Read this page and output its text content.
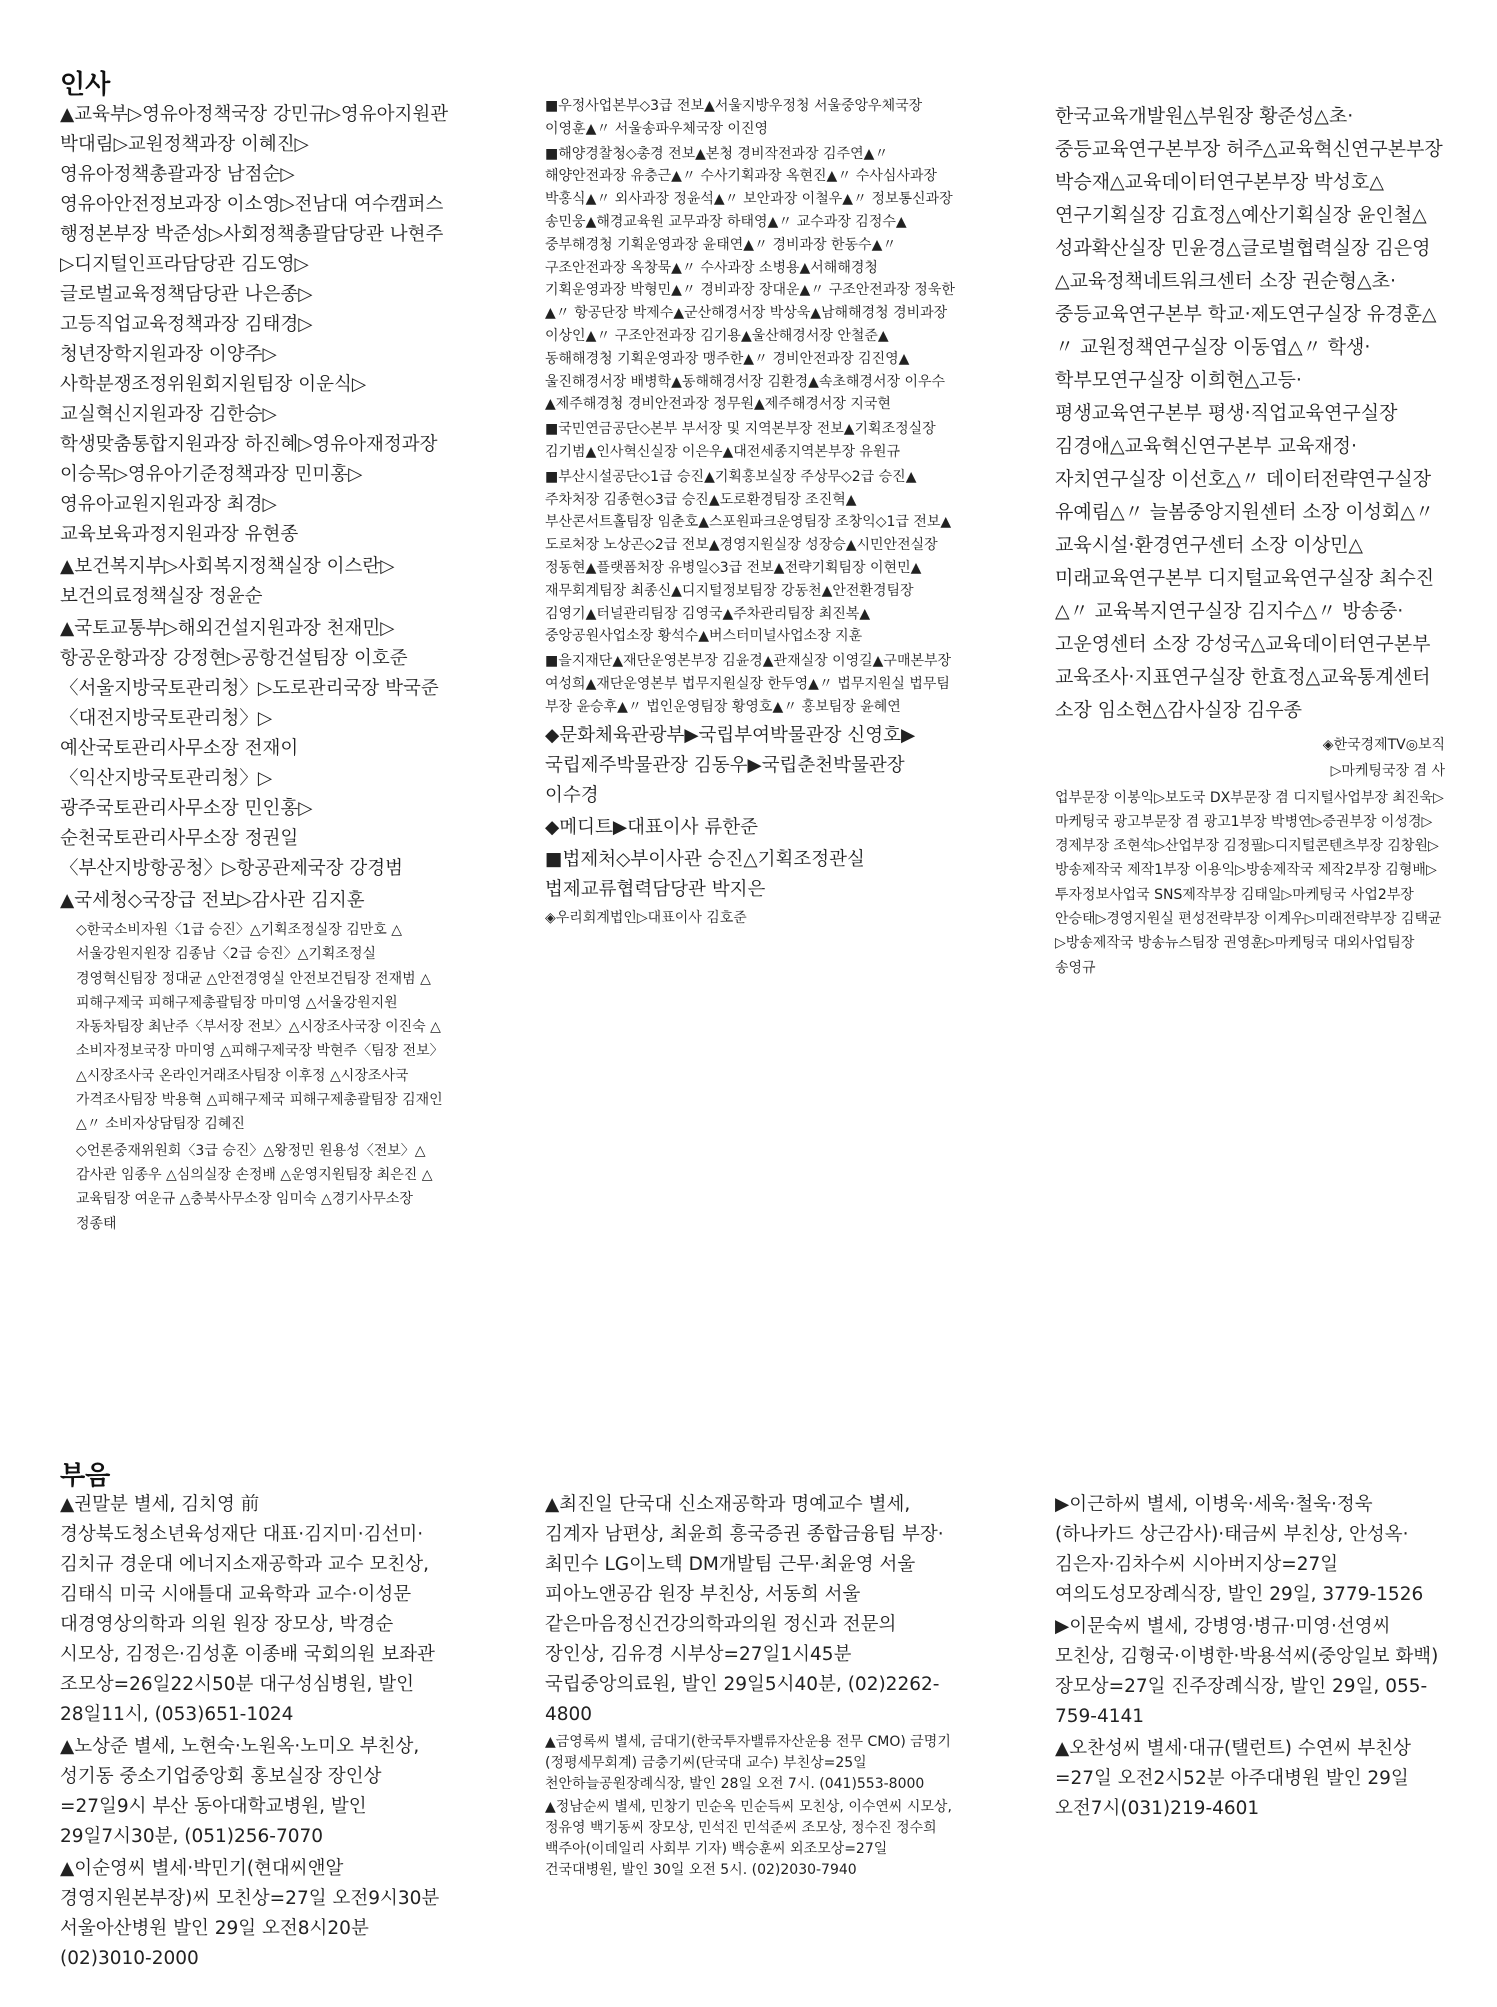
인사

▲교육부▷영유아정책국장 강민규▷영유아지원관 박대림▷교원정책과장 이혜진▷영유아정책총괄과장 남점순▷영유아안전정보과장 이소영▷전남대 여수캠퍼스 행정본부장 박준성▷사회정책총괄담당관 나현주▷디지털인프라담당관 김도영▷글로벌교육정책담당관 나은종▷고등직업교육정책과장 김태경▷청년장학지원과장 이양주▷사학분쟁조정위원회지원팀장 이운식▷교실혁신지원과장 김한승▷학생맞춤통합지원과장 하진혜▷영유아재정과장 이승목▷영유아기준정책과장 민미홍▷영유아교원지원과장 최경▷교육보육과정지원과장 유현종

▲보건복지부▷사회복지정책실장 이스란▷보건의료정책실장 정윤순

▲국토교통부▷해외건설지원과장 천재민▷항공운항과장 강정현▷공항건설팀장 이호준〈서울지방국토관리청〉▷도로관리국장 박국준〈대전지방국토관리청〉▷예산국토관리사무소장 전재이〈익산지방국토관리청〉▷광주국토관리사무소장 민인홍▷순천국토관리사무소장 정권일〈부산지방항공청〉▷항공관제국장 강경범

▲국세청◇국장급 전보▷감사관 김지훈

◇한국소비자원〈1급 승진〉△기획조정실장 김만호 △서울강원지원장 김종남〈2급 승진〉△기획조정실 경영혁신팀장 정대균 △안전경영실 안전보건팀장 전재범 △피해구제국 피해구제총괄팀장 마미영 △서울강원지원 자동차팀장 최난주〈부서장 전보〉△시장조사국장 이진숙 △소비자정보국장 마미영 △피해구제국장 박현주〈팀장 전보〉△시장조사국 온라인거래조사팀장 이후정 △시장조사국 가격조사팀장 박용혁 △피해구제국 피해구제총괄팀장 김재인 △〃 소비자상담팀장 김혜진

◇언론중재위원회〈3급 승진〉△왕정민 원용성〈전보〉△감사관 임종우 △심의실장 손정배 △운영지원팀장 최은진 △교육팀장 여운규 △충북사무소장 임미숙 △경기사무소장 정종태

■우정사업본부◇3급 전보▲서울지방우정청 서울중앙우체국장 이영훈▲〃 서울송파우체국장 이진영

■해양경찰청◇총경 전보▲본청 경비작전과장 김주연▲〃 해양안전과장 유충근▲〃 수사기획과장 옥현진▲〃 수사심사과장 박홍식▲〃 외사과장 정윤석▲〃 보안과장 이철우▲〃 정보통신과장 송민웅▲해경교육원 교무과장 하태영▲〃 교수과장 김정수▲중부해경청 기획운영과장 윤태연▲〃 경비과장 한동수▲〃 구조안전과장 옥창묵▲〃 수사과장 소병용▲서해해경청 기획운영과장 박형민▲〃 경비과장 장대운▲〃 구조안전과장 정욱한▲〃 항공단장 박제수▲군산해경서장 박상욱▲남해해경청 경비과장 이상인▲〃 구조안전과장 김기용▲울산해경서장 안철준▲동해해경청 기획운영과장 맹주한▲〃 경비안전과장 김진영▲울진해경서장 배병학▲동해해경서장 김환경▲속초해경서장 이우수▲제주해경청 경비안전과장 정무원▲제주해경서장 지국현

■국민연금공단◇본부 부서장 및 지역본부장 전보▲기획조정실장 김기범▲인사혁신실장 이은우▲대전세종지역본부장 유원규

■부산시설공단◇1급 승진▲기획홍보실장 주상무◇2급 승진▲주차처장 김종현◇3급 승진▲도로환경팀장 조진혁▲부산콘서트홀팀장 임춘호▲스포원파크운영팀장 조창익◇1급 전보▲도로처장 노상곤◇2급 전보▲경영지원실장 성장승▲시민안전실장 정동현▲플랫폼처장 유병일◇3급 전보▲전략기획팀장 이현민▲재무회계팀장 최종신▲디지털정보팀장 강동천▲안전환경팀장 김영기▲터널관리팀장 김영국▲주차관리팀장 최진복▲중앙공원사업소장 황석수▲버스터미널사업소장 지훈

■을지재단▲재단운영본부장 김윤경▲관재실장 이영길▲구매본부장 여성희▲재단운영본부 법무지원실장 한두영▲〃 법무지원실 법무팀 부장 윤승후▲〃 법인운영팀장 황영호▲〃 홍보팀장 윤혜연

◆문화체육관광부▶국립부여박물관장 신영호▶국립제주박물관장 김동우▶국립춘천박물관장 이수경

◆메디트▶대표이사 류한준

■법제처◇부이사관 승진△기획조정관실 법제교류협력담당관 박지은

◈우리회계법인▷대표이사 김호준

한국교육개발원△부원장 황준성△초·중등교육연구본부장 허주△교육혁신연구본부장 박승재△교육데이터연구본부장 박성호△연구기획실장 김효정△예산기획실장 윤인철△성과확산실장 민윤경△글로벌협력실장 김은영△교육정책네트워크센터 소장 권순형△초·중등교육연구본부 학교·제도연구실장 유경훈△〃 교원정책연구실장 이동엽△〃 학생·학부모연구실장 이희현△고등·평생교육연구본부 평생·직업교육연구실장 김경애△교육혁신연구본부 교육재정·자치연구실장 이선호△〃 데이터전략연구실장 유예림△〃 늘봄중앙지원센터 소장 이성회△〃 교육시설·환경연구센터 소장 이상민△미래교육연구본부 디지털교육연구실장 최수진△〃 교육복지연구실장 김지수△〃 방송중·고운영센터 소장 강성국△교육데이터연구본부 교육조사·지표연구실장 한효정△교육통계센터 소장 임소현△감사실장 김우종

◈한국경제TV◎보직

▷마케팅국장 겸 사

업부문장 이봉익▷보도국 DX부문장 겸 디지털사업부장 최진욱▷마케팅국 광고부문장 겸 광고1부장 박병연▷증권부장 이성경▷경제부장 조현석▷산업부장 김정필▷디지털콘텐츠부장 김창원▷방송제작국 제작1부장 이용익▷방송제작국 제작2부장 김형배▷투자정보사업국 SNS제작부장 김태일▷마케팅국 사업2부장 안승태▷경영지원실 편성전략부장 이계우▷미래전략부장 김택균▷방송제작국 방송뉴스팀장 권영훈▷마케팅국 대외사업팀장 송영규

부음

▲권말분 별세, 김치영 前 경상북도청소년육성재단 대표·김지미·김선미·김치규 경운대 에너지소재공학과 교수 모친상, 김태식 미국 시애틀대 교육학과 교수·이성문 대경영상의학과 의원 원장 장모상, 박경순 시모상, 김정은·김성훈 이종배 국회의원 보좌관 조모상=26일22시50분 대구성심병원, 발인 28일11시, (053)651-1024

▲노상준 별세, 노현숙·노원옥·노미오 부친상, 성기동 중소기업중앙회 홍보실장 장인상=27일9시 부산 동아대학교병원, 발인 29일7시30분, (051)256-7070

▲이순영씨 별세·박민기(현대씨앤알 경영지원본부장)씨 모친상=27일 오전9시30분 서울아산병원 발인 29일 오전8시20분 (02)3010-2000

▲최진일 단국대 신소재공학과 명예교수 별세, 김계자 남편상, 최윤희 흥국증권 종합금융팀 부장·최민수 LG이노텍 DM개발팀 근무·최윤영 서울 피아노앤공감 원장 부친상, 서동희 서울 같은마음정신건강의학과의원 정신과 전문의 장인상, 김유경 시부상=27일1시45분 국립중앙의료원, 발인 29일5시40분, (02)2262-4800

▲금영록씨 별세, 금대기(한국투자밸류자산운용 전무 CMO) 금명기(정평세무회계) 금충기씨(단국대 교수) 부친상=25일 천안하늘공원장례식장, 발인 28일 오전 7시. (041)553-8000

▲정남순씨 별세, 민창기 민순옥 민순득씨 모친상, 이수연씨 시모상, 정유영 백기동씨 장모상, 민석진 민석준씨 조모상, 정수진 정수희 백주아(이데일리 사회부 기자) 백승훈씨 외조모상=27일 건국대병원, 발인 30일 오전 5시. (02)2030-7940

▶이근하씨 별세, 이병욱·세욱·철욱·정욱(하나카드 상근감사)·태금씨 부친상, 안성옥·김은자·김차수씨 시아버지상=27일 여의도성모장례식장, 발인 29일, 3779-1526

▶이문숙씨 별세, 강병영·병규·미영·선영씨 모친상, 김형국·이병한·박용석씨(중앙일보 화백) 장모상=27일 진주장례식장, 발인 29일, 055-759-4141

▲오찬성씨 별세·대규(탤런트) 수연씨 부친상=27일 오전2시52분 아주대병원 발인 29일 오전7시(031)219-4601
